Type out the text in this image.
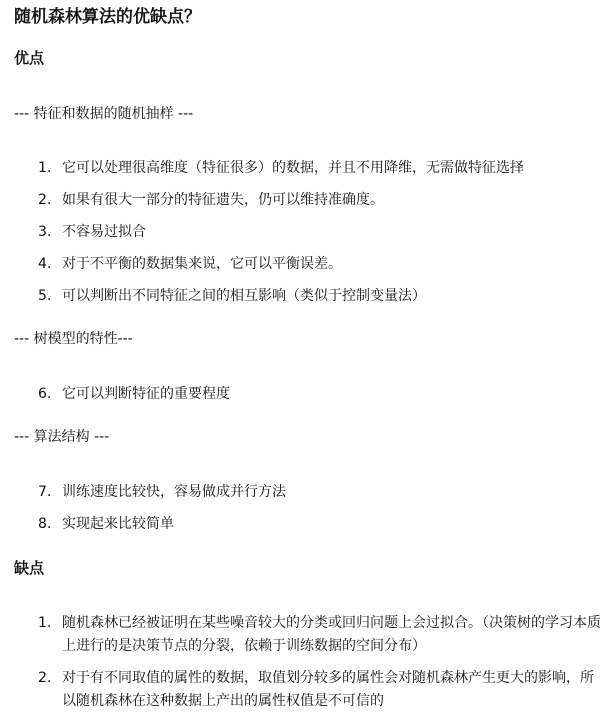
随机森林算法的优缺点？
优点
--- 特征和数据的随机抽样 ---
1. 它可以处理很高维度（特征很多）的数据，并且不用降维，无需做特征选择
2. 如果有很大一部分的特征遗失，仍可以维持准确度。
3. 不容易过拟合
4. 对于不平衡的数据集来说，它可以平衡误差。
5. 可以判断出不同特征之间的相互影响（类似于控制变量法）
--- 树模型的特性---
6. 它可以判断特征的重要程度
--- 算法结构 ---
7. 训练速度比较快，容易做成并行方法
8. 实现起来比较简单
缺点
1. 随机森林已经被证明在某些噪音较大的分类或回归问题上会过拟合。（决策树的学习本质上进行的是决策节点的分裂，依赖于训练数据的空间分布）
2. 对于有不同取值的属性的数据，取值划分较多的属性会对随机森林产生更大的影响，所以随机森林在这种数据上产出的属性权值是不可信的
